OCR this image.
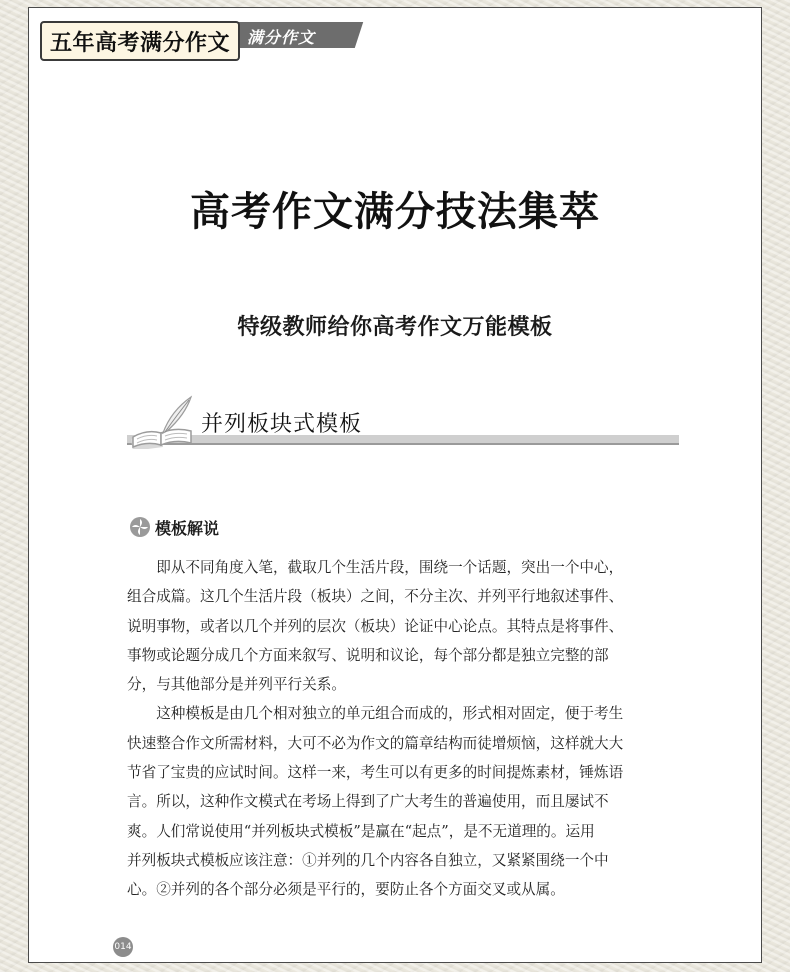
满分作文
并列板块式模板
模板解说

　　即从不同角度入笔，截取几个生活片段，围绕一个话题，突出一个中心，
组合成篇。这几个生活片段（板块）之间，不分主次、并列平行地叙述事件、
说明事物，或者以几个并列的层次（板块）论证中心论点。其特点是将事件、
事物或论题分成几个方面来叙写、说明和议论，每个部分都是独立完整的部
分，与其他部分是并列平行关系。

　　这种模板是由几个相对独立的单元组合而成的，形式相对固定，便于考生
快速整合作文所需材料，大可不必为作文的篇章结构而徒增烦恼，这样就大大
节省了宝贵的应试时间。这样一来，考生可以有更多的时间提炼素材，锤炼语
言。所以，这种作文模式在考场上得到了广大考生的普遍使用，而且屡试不
爽。人们常说使用“并列板块式模板”是赢在“起点”，是不无道理的。运用
并列板块式模板应该注意：①并列的几个内容各自独立，又紧紧围绕一个中
心。②并列的各个部分必须是平行的，要防止各个方面交叉或从属。

014
五年高考满分作文
高考作文满分技法集萃
特级教师给你高考作文万能模板
